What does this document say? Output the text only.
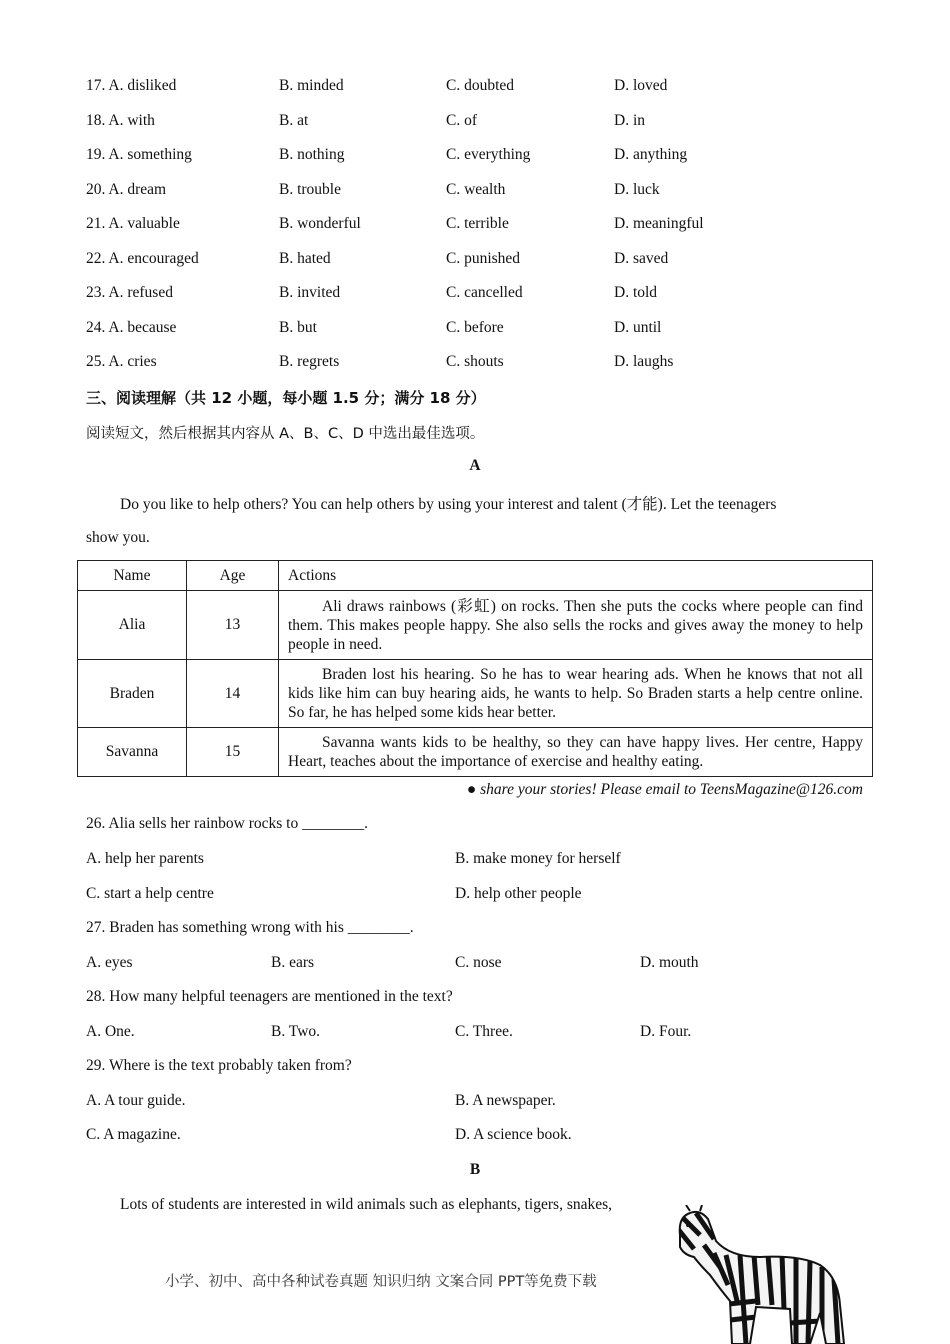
17. A. disliked	B. minded	C. doubted	D. loved
18. A. with	B. at	C. of	D. in
19. A. something	B. nothing	C. everything	D. anything
20. A. dream	B. trouble	C. wealth	D. luck
21. A. valuable	B. wonderful	C. terrible	D. meaningful
22. A. encouraged	B. hated	C. punished	D. saved
23. A. refused	B. invited	C. cancelled	D. told
24. A. because	B. but	C. before	D. until
25. A. cries	B. regrets	C. shouts	D. laughs
三、阅读理解（共 12 小题，每小题 1.5 分；满分 18 分）
阅读短文，然后根据其内容从 A、B、C、D 中选出最佳选项。
A
Do you like to help others? You can help others by using your interest and talent (才能). Let the teenagers
show you.
Name	Age	Actions
Alia	13	Ali draws rainbows (彩虹) on rocks. Then she puts the cocks where people can find them. This makes people happy. She also sells the rocks and gives away the money to help people in need.
Braden	14	Braden lost his hearing. So he has to wear hearing ads. When he knows that not all kids like him can buy hearing aids, he wants to help. So Braden starts a help centre online. So far, he has helped some kids hear better.
Savanna	15	Savanna wants kids to be healthy, so they can have happy lives. Her centre, Happy Heart, teaches about the importance of exercise and healthy eating.
● share your stories! Please email to TeensMagazine@126.com
26. Alia sells her rainbow rocks to ________.
A. help her parents	B. make money for herself
C. start a help centre	D. help other people
27. Braden has something wrong with his ________.
A. eyes	B. ears	C. nose	D. mouth
28. How many helpful teenagers are mentioned in the text?
A. One.	B. Two.	C. Three.	D. Four.
29. Where is the text probably taken from?
A. A tour guide.	B. A newspaper.
C. A magazine.	D. A science book.
B
Lots of students are interested in wild animals such as elephants, tigers, snakes,
小学、初中、高中各种试卷真题 知识归纳 文案合同 PPT等免费下载
